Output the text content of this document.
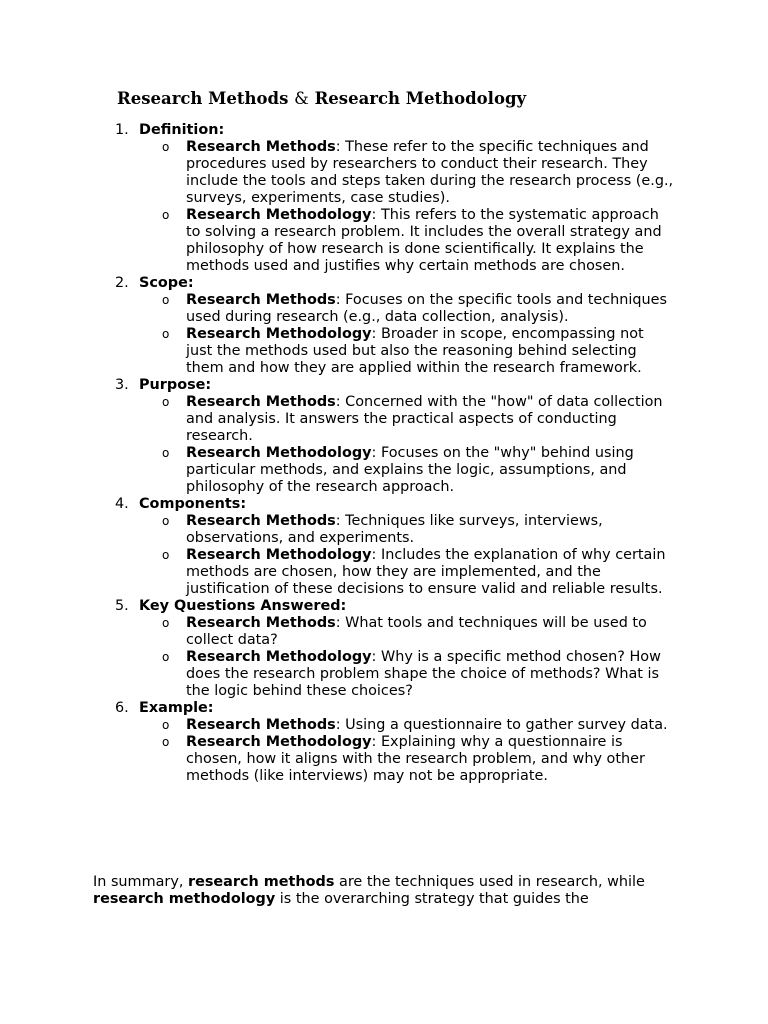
Research Methods & Research Methodology
1. Definition:
o Research Methods: These refer to the specific techniques and procedures used by researchers to conduct their research. They include the tools and steps taken during the research process (e.g., surveys, experiments, case studies).
o Research Methodology: This refers to the systematic approach to solving a research problem. It includes the overall strategy and philosophy of how research is done scientifically. It explains the methods used and justifies why certain methods are chosen.
2. Scope:
o Research Methods: Focuses on the specific tools and techniques used during research (e.g., data collection, analysis).
o Research Methodology: Broader in scope, encompassing not just the methods used but also the reasoning behind selecting them and how they are applied within the research framework.
3. Purpose:
o Research Methods: Concerned with the "how" of data collection and analysis. It answers the practical aspects of conducting research.
o Research Methodology: Focuses on the "why" behind using particular methods, and explains the logic, assumptions, and philosophy of the research approach.
4. Components:
o Research Methods: Techniques like surveys, interviews, observations, and experiments.
o Research Methodology: Includes the explanation of why certain methods are chosen, how they are implemented, and the justification of these decisions to ensure valid and reliable results.
5. Key Questions Answered:
o Research Methods: What tools and techniques will be used to collect data?
o Research Methodology: Why is a specific method chosen? How does the research problem shape the choice of methods? What is the logic behind these choices?
6. Example:
o Research Methods: Using a questionnaire to gather survey data.
o Research Methodology: Explaining why a questionnaire is chosen, how it aligns with the research problem, and why other methods (like interviews) may not be appropriate.

In summary, research methods are the techniques used in research, while research methodology is the overarching strategy that guides the
